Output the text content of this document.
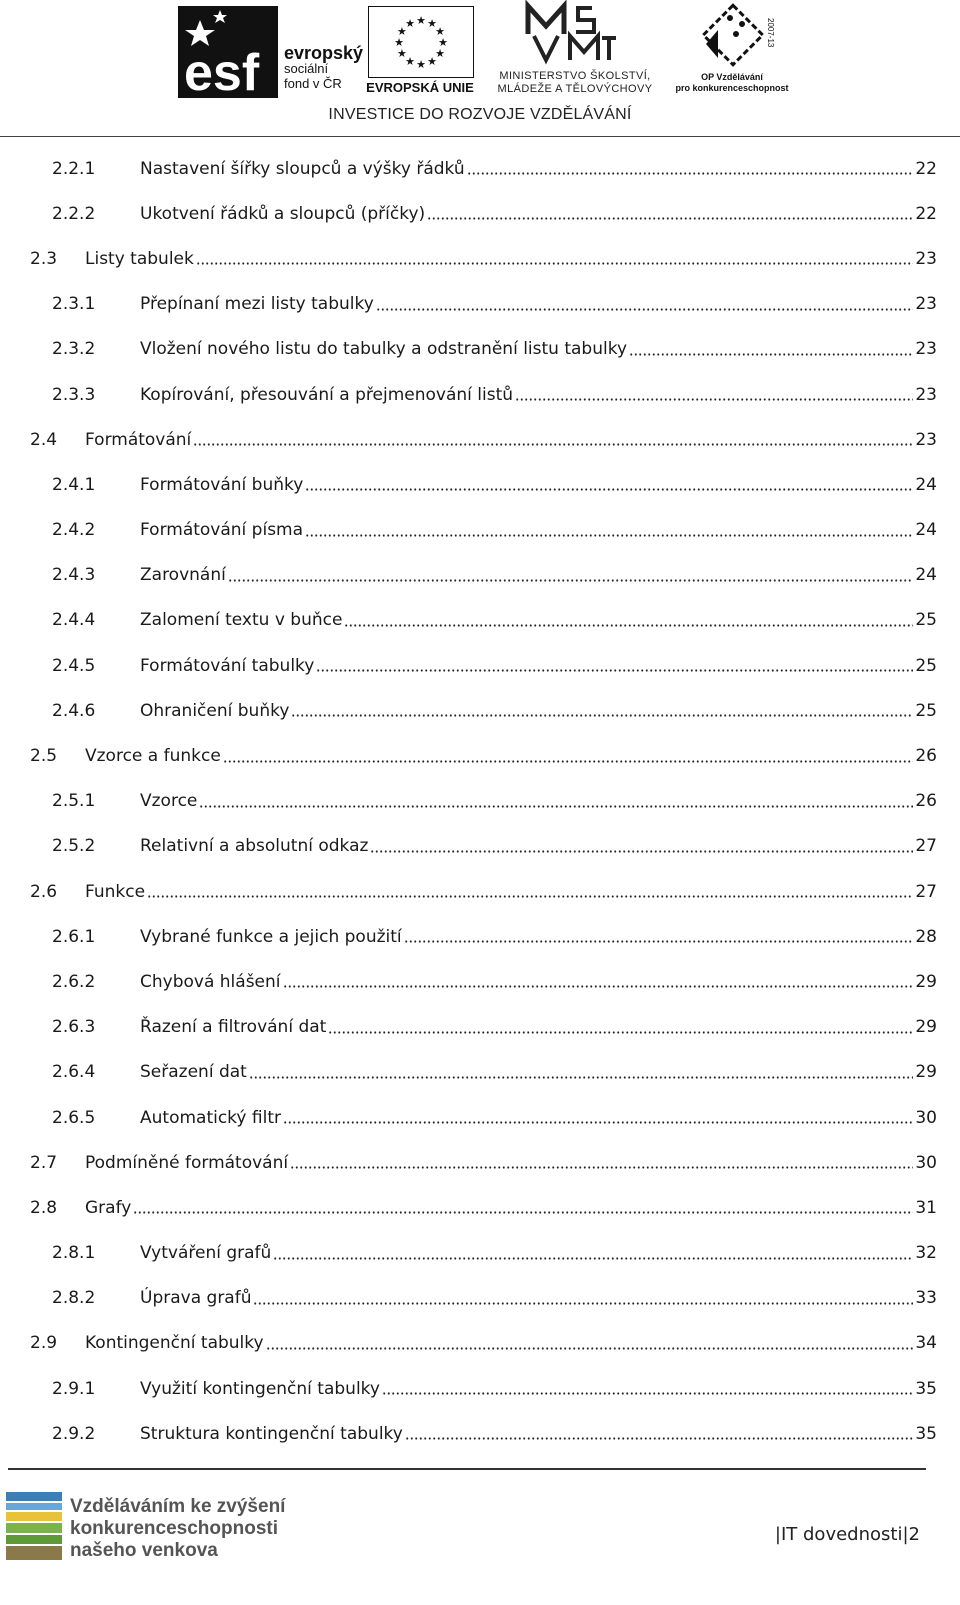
esf evropský
sociální
fond v ČR
★
★
★
★
★
★
★
★
★ ★ ★
★
EVROPSKÁ UNIE
MINISTERSTVO ŠKOLSTVÍ,
MLÁDEŽE A TĚLOVÝCHOVY
2007-13
OP Vzdělávání
pro konkurenceschopnost
INVESTICE DO ROZVOJE VZDĚLÁVÁNÍ
2.2.1	Nastavení šířky sloupců a výšky řádků	22
2.2.2	Ukotvení řádků a sloupců (příčky)	22
2.3	Listy tabulek	23
2.3.1	Přepínaní mezi listy tabulky	23
2.3.2	Vložení nového listu do tabulky a odstranění listu tabulky	23
2.3.3	Kopírování, přesouvání a přejmenování listů	23
2.4	Formátování	23
2.4.1	Formátování buňky	24
2.4.2	Formátování písma	24
2.4.3	Zarovnání	24
2.4.4	Zalomení textu v buňce	25
2.4.5	Formátování tabulky	25
2.4.6	Ohraničení buňky	25
2.5	Vzorce a funkce	26
2.5.1	Vzorce	26
2.5.2	Relativní a absolutní odkaz	27
2.6	Funkce	27
2.6.1	Vybrané funkce a jejich použití	28
2.6.2	Chybová hlášení	29
2.6.3	Řazení a filtrování dat	29
2.6.4	Seřazení dat	29
2.6.5	Automatický filtr	30
2.7	Podmíněné formátování	30
2.8	Grafy	31
2.8.1	Vytváření grafů	32
2.8.2	Úprava grafů	33
2.9	Kontingenční tabulky	34
2.9.1	Využití kontingenční tabulky	35
2.9.2	Struktura kontingenční tabulky	35
Vzděláváním ke zvýšení
konkurenceschopnosti
našeho venkova
|IT dovednosti|2
